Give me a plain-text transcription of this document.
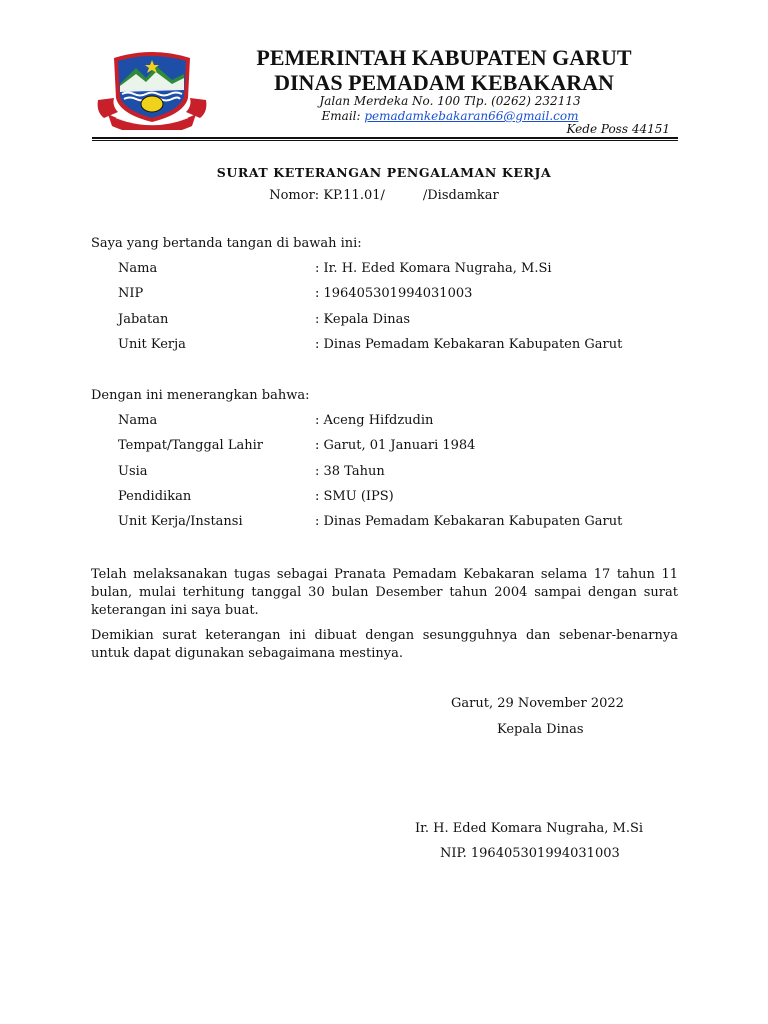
PEMERINTAH KABUPATEN GARUT
DINAS PEMADAM KEBAKARAN
Jalan Merdeka No. 100 Tlp. (0262) 232113
Email: pemadamkebakaran66@gmail.com
Kede Poss 44151
SURAT KETERANGAN PENGALAMAN KERJA
Nomor: KP.11.01/	/Disdamkar
Saya yang bertanda tangan di bawah ini:
Nama	: Ir. H. Eded Komara Nugraha, M.Si
NIP	: 196405301994031003
Jabatan	: Kepala Dinas
Unit Kerja	: Dinas Pemadam Kebakaran Kabupaten Garut
Dengan ini menerangkan bahwa:
Nama	: Aceng Hifdzudin
Tempat/Tanggal Lahir	: Garut, 01 Januari 1984
Usia	: 38 Tahun
Pendidikan	: SMU (IPS)
Unit Kerja/Instansi	: Dinas Pemadam Kebakaran Kabupaten Garut
Telah melaksanakan tugas sebagai Pranata Pemadam Kebakaran selama 17 tahun 11 bulan, mulai terhitung tanggal 30 bulan Desember tahun 2004 sampai dengan surat keterangan ini saya buat.
Demikian surat keterangan ini dibuat dengan sesungguhnya dan sebenar-benarnya untuk dapat digunakan sebagaimana mestinya.
Garut, 29 November 2022
Kepala Dinas
Ir. H. Eded Komara Nugraha, M.Si
NIP. 196405301994031003
